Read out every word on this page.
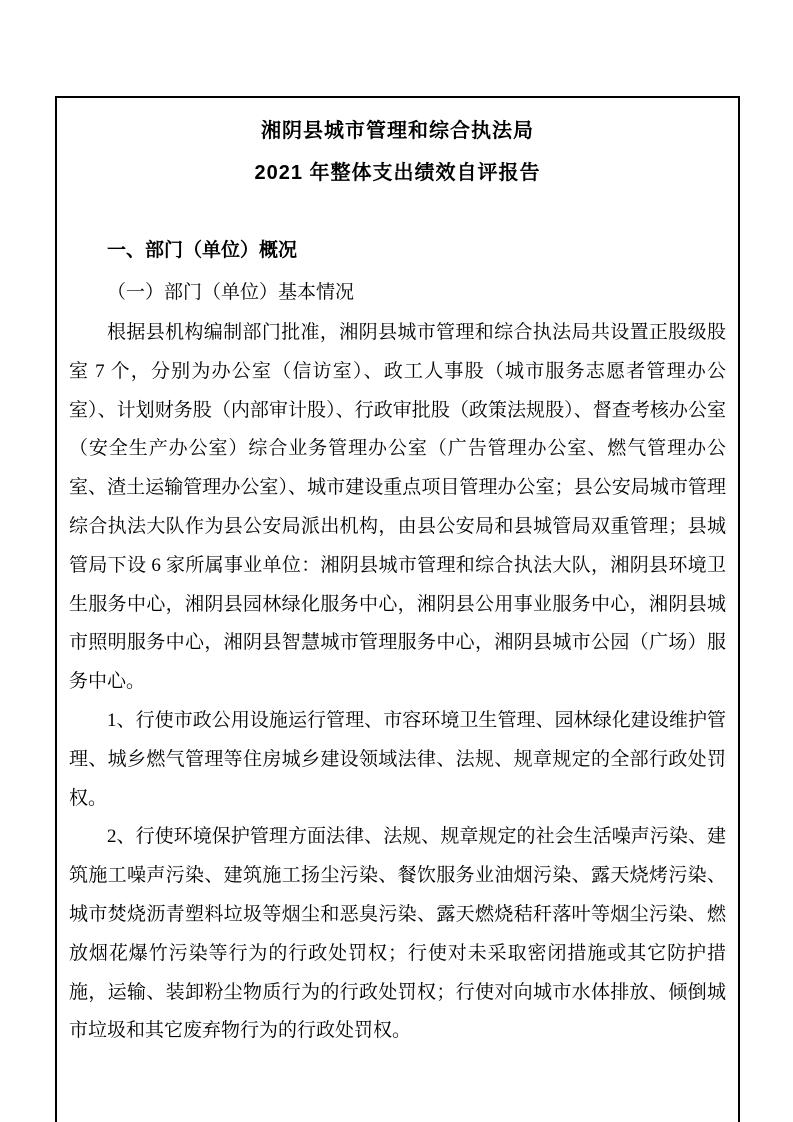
湘阴县城市管理和综合执法局
2021 年整体支出绩效自评报告
一、部门（单位）概况
（一）部门（单位）基本情况

根据县机构编制部门批准，湘阴县城市管理和综合执法局共设置正股级股室 7 个，分别为办公室（信访室）、政工人事股（城市服务志愿者管理办公室）、计划财务股（内部审计股）、行政审批股（政策法规股）、督查考核办公室（安全生产办公室）综合业务管理办公室（广告管理办公室、燃气管理办公室、渣土运输管理办公室）、城市建设重点项目管理办公室；县公安局城市管理综合执法大队作为县公安局派出机构，由县公安局和县城管局双重管理；县城管局下设 6 家所属事业单位：湘阴县城市管理和综合执法大队，湘阴县环境卫生服务中心，湘阴县园林绿化服务中心，湘阴县公用事业服务中心，湘阴县城市照明服务中心，湘阴县智慧城市管理服务中心，湘阴县城市公园（广场）服务中心。

1、行使市政公用设施运行管理、市容环境卫生管理、园林绿化建设维护管理、城乡燃气管理等住房城乡建设领域法律、法规、规章规定的全部行政处罚权。

2、行使环境保护管理方面法律、法规、规章规定的社会生活噪声污染、建筑施工噪声污染、建筑施工扬尘污染、餐饮服务业油烟污染、露天烧烤污染、城市焚烧沥青塑料垃圾等烟尘和恶臭污染、露天燃烧秸秆落叶等烟尘污染、燃放烟花爆竹污染等行为的行政处罚权；行使对未采取密闭措施或其它防护措施，运输、装卸粉尘物质行为的行政处罚权；行使对向城市水体排放、倾倒城市垃圾和其它废弃物行为的行政处罚权。
